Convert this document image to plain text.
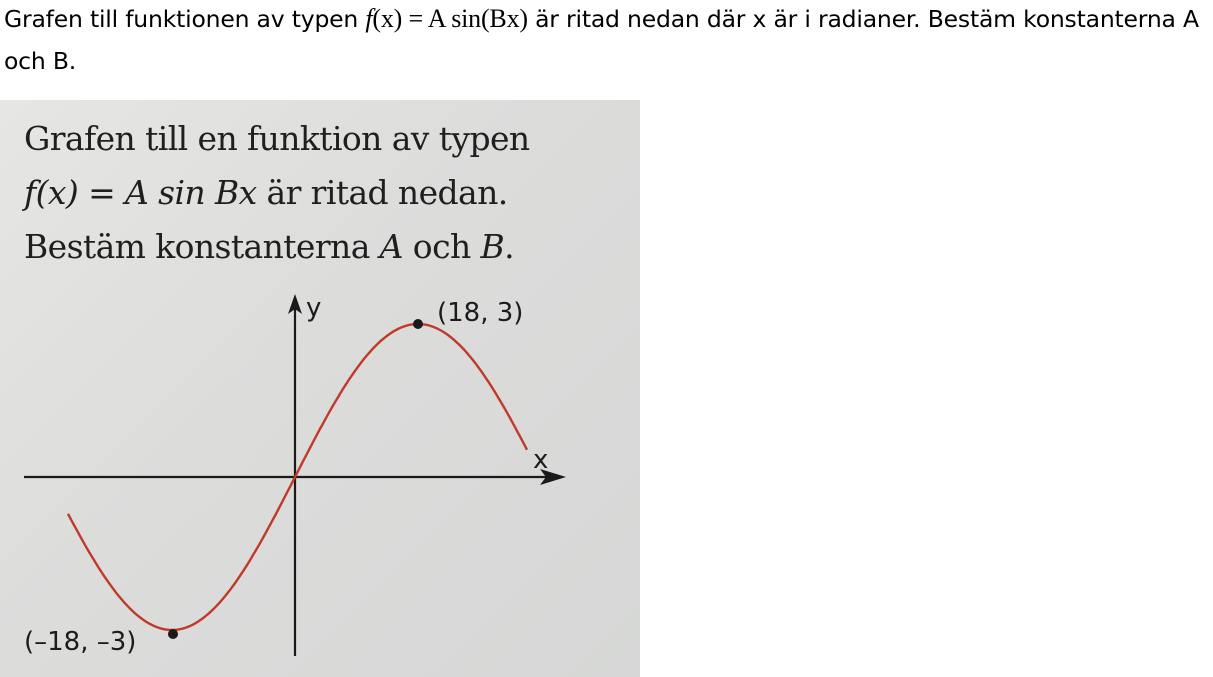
Grafen till funktionen av typen f(x) = A sin(Bx) är ritad nedan där x är i radianer. Bestäm konstanterna A och B.
Grafen till en funktion av typen
f(x) = A sin Bx är ritad nedan.
Bestäm konstanterna A och B.
y
x
(18, 3)
(–18, –3)
